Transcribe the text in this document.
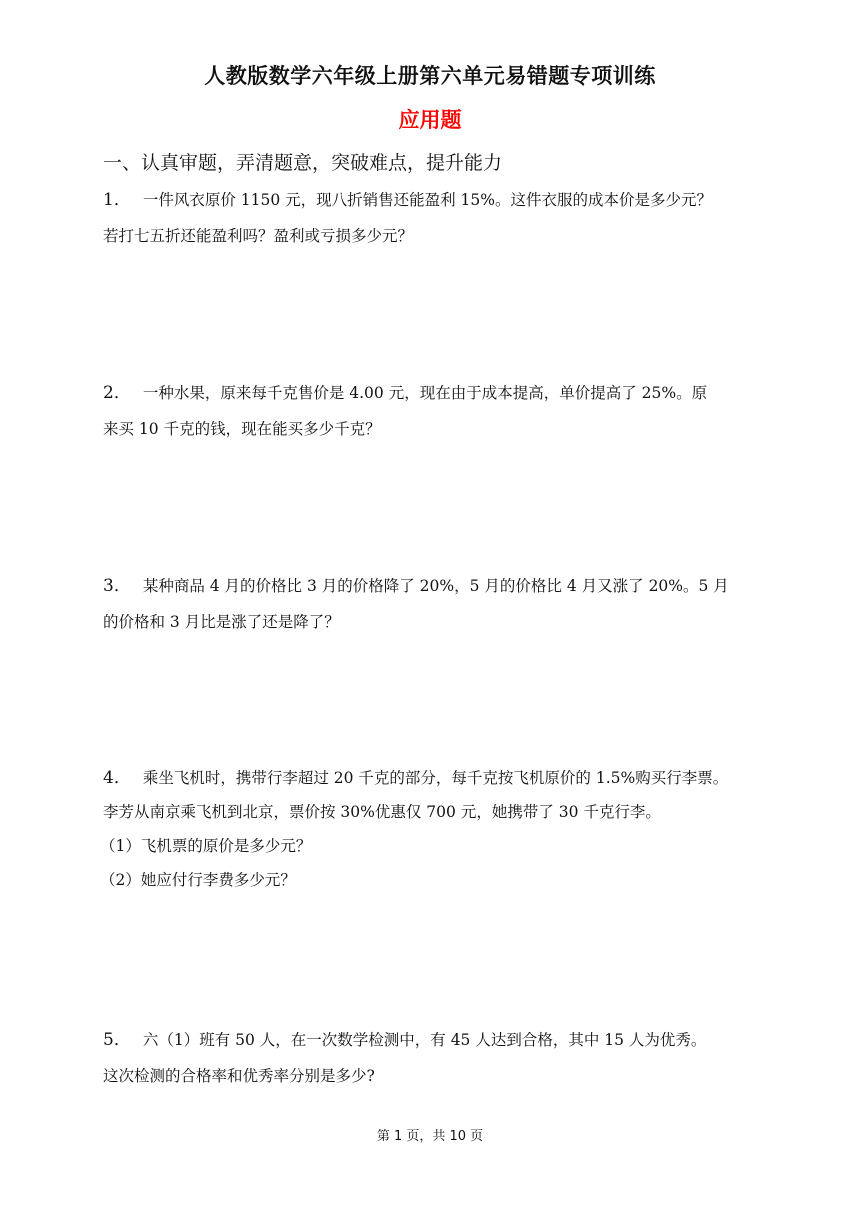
人教版数学六年级上册第六单元易错题专项训练
应用题
一、认真审题，弄清题意，突破难点，提升能力
1． 一件风衣原价 1150 元，现八折销售还能盈利 15%。这件衣服的成本价是多少元？
若打七五折还能盈利吗？盈利或亏损多少元？
2． 一种水果，原来每千克售价是 4.00 元，现在由于成本提高，单价提高了 25%。原
来买 10 千克的钱，现在能买多少千克？
3． 某种商品 4 月的价格比 3 月的价格降了 20%，5 月的价格比 4 月又涨了 20%。5 月
的价格和 3 月比是涨了还是降了？
4． 乘坐飞机时，携带行李超过 20 千克的部分，每千克按飞机原价的 1.5%购买行李票。
李芳从南京乘飞机到北京，票价按 30%优惠仅 700 元，她携带了 30 千克行李。
（1）飞机票的原价是多少元？
（2）她应付行李费多少元？
5． 六（1）班有 50 人，在一次数学检测中，有 45 人达到合格，其中 15 人为优秀。
这次检测的合格率和优秀率分别是多少?
第 1 页，共 10 页
